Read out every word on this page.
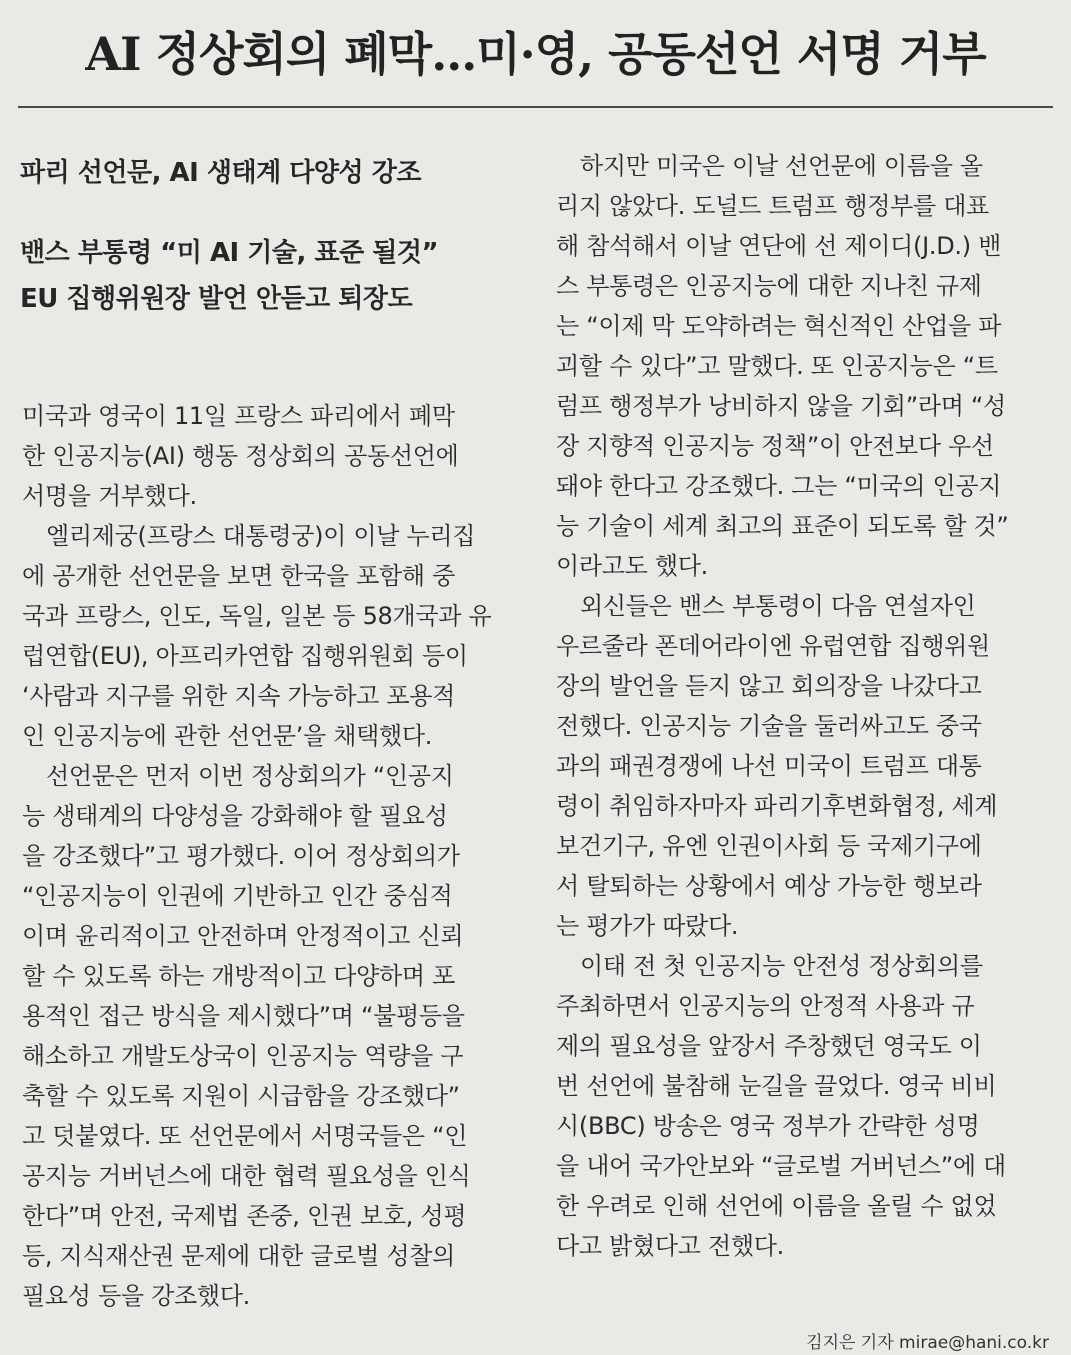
AI 정상회의 폐막…미·영, 공동선언 서명 거부
파리 선언문, AI 생태계 다양성 강조
밴스 부통령 “미 AI 기술, 표준 될것”
EU 집행위원장 발언 안듣고 퇴장도
미국과 영국이 11일 프랑스 파리에서 폐막
한 인공지능(AI) 행동 정상회의 공동선언에
서명을 거부했다.
엘리제궁(프랑스 대통령궁)이 이날 누리집
에 공개한 선언문을 보면 한국을 포함해 중
국과 프랑스, 인도, 독일, 일본 등 58개국과 유
럽연합(EU), 아프리카연합 집행위원회 등이
‘사람과 지구를 위한 지속 가능하고 포용적
인 인공지능에 관한 선언문’을 채택했다.
선언문은 먼저 이번 정상회의가 “인공지
능 생태계의 다양성을 강화해야 할 필요성
을 강조했다”고 평가했다. 이어 정상회의가
“인공지능이 인권에 기반하고 인간 중심적
이며 윤리적이고 안전하며 안정적이고 신뢰
할 수 있도록 하는 개방적이고 다양하며 포
용적인 접근 방식을 제시했다”며 “불평등을
해소하고 개발도상국이 인공지능 역량을 구
축할 수 있도록 지원이 시급함을 강조했다”
고 덧붙였다. 또 선언문에서 서명국들은 “인
공지능 거버넌스에 대한 협력 필요성을 인식
한다”며 안전, 국제법 존중, 인권 보호, 성평
등, 지식재산권 문제에 대한 글로벌 성찰의
필요성 등을 강조했다.
하지만 미국은 이날 선언문에 이름을 올
리지 않았다. 도널드 트럼프 행정부를 대표
해 참석해서 이날 연단에 선 제이디(J.D.) 밴
스 부통령은 인공지능에 대한 지나친 규제
는 “이제 막 도약하려는 혁신적인 산업을 파
괴할 수 있다”고 말했다. 또 인공지능은 “트
럼프 행정부가 낭비하지 않을 기회”라며 “성
장 지향적 인공지능 정책”이 안전보다 우선
돼야 한다고 강조했다. 그는 “미국의 인공지
능 기술이 세계 최고의 표준이 되도록 할 것”
이라고도 했다.
외신들은 밴스 부통령이 다음 연설자인
우르줄라 폰데어라이엔 유럽연합 집행위원
장의 발언을 듣지 않고 회의장을 나갔다고
전했다. 인공지능 기술을 둘러싸고도 중국
과의 패권경쟁에 나선 미국이 트럼프 대통
령이 취임하자마자 파리기후변화협정, 세계
보건기구, 유엔 인권이사회 등 국제기구에
서 탈퇴하는 상황에서 예상 가능한 행보라
는 평가가 따랐다.
이태 전 첫 인공지능 안전성 정상회의를
주최하면서 인공지능의 안정적 사용과 규
제의 필요성을 앞장서 주창했던 영국도 이
번 선언에 불참해 눈길을 끌었다. 영국 비비
시(BBC) 방송은 영국 정부가 간략한 성명
을 내어 국가안보와 “글로벌 거버넌스”에 대
한 우려로 인해 선언에 이름을 올릴 수 없었
다고 밝혔다고 전했다.
김지은 기자 mirae@hani.co.kr
